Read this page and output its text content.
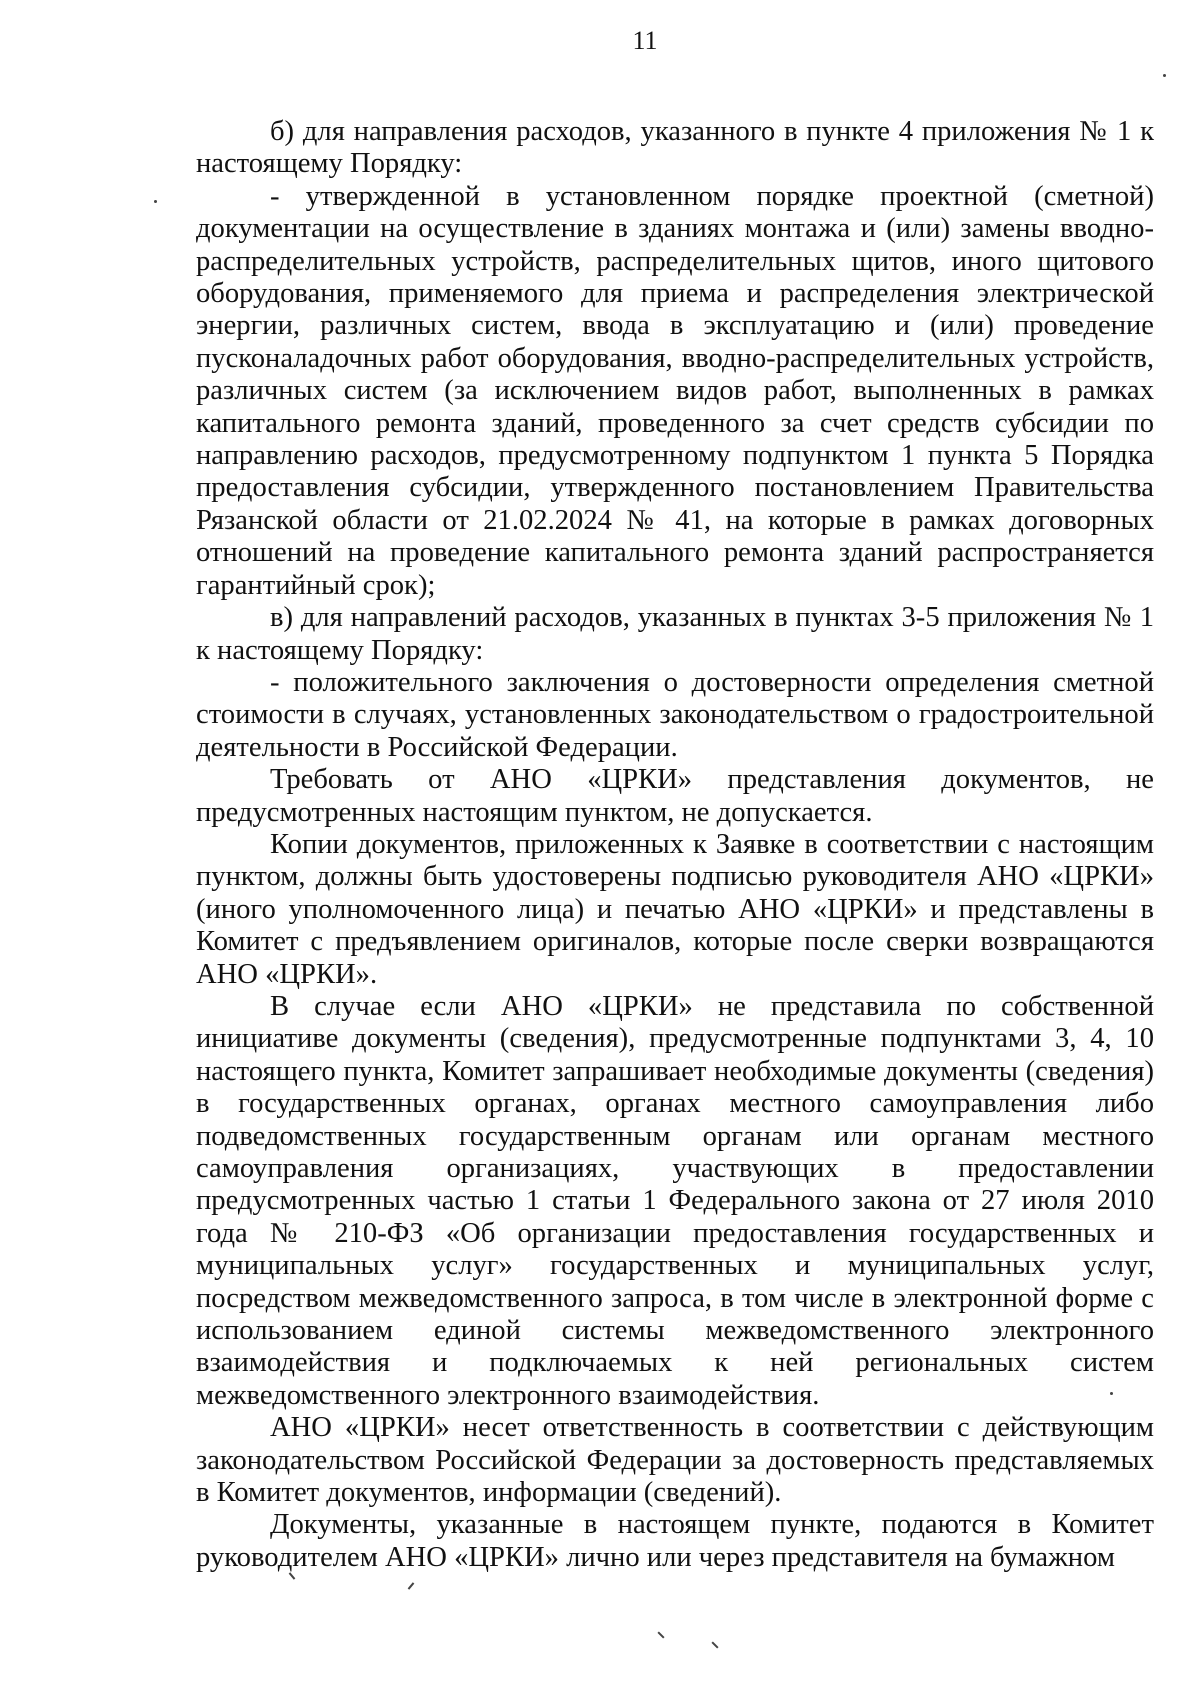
11

б) для направления расходов, указанного в пункте 4 приложения № 1 к настоящему Порядку:

- утвержденной в установленном порядке проектной (сметной) документации на осуществление в зданиях монтажа и (или) замены вводно-распределительных устройств, распределительных щитов, иного щитового оборудования, применяемого для приема и распределения электрической энергии, различных систем, ввода в эксплуатацию и (или) проведение пусконаладочных работ оборудования, вводно-распределительных устройств, различных систем (за исключением видов работ, выполненных в рамках капитального ремонта зданий, проведенного за счет средств субсидии по направлению расходов, предусмотренному подпунктом 1 пункта 5 Порядка предоставления субсидии, утвержденного постановлением Правительства Рязанской области от 21.02.2024 № 41, на которые в рамках договорных отношений на проведение капитального ремонта зданий распространяется гарантийный срок);

в) для направлений расходов, указанных в пунктах 3-5 приложения № 1 к настоящему Порядку:

- положительного заключения о достоверности определения сметной стоимости в случаях, установленных законодательством о градостроительной деятельности в Российской Федерации.

Требовать от АНО «ЦРКИ» представления документов, не предусмотренных настоящим пунктом, не допускается.

Копии документов, приложенных к Заявке в соответствии с настоящим пунктом, должны быть удостоверены подписью руководителя АНО «ЦРКИ» (иного уполномоченного лица) и печатью АНО «ЦРКИ» и представлены в Комитет с предъявлением оригиналов, которые после сверки возвращаются АНО «ЦРКИ».

В случае если АНО «ЦРКИ» не представила по собственной инициативе документы (сведения), предусмотренные подпунктами 3, 4, 10 настоящего пункта, Комитет запрашивает необходимые документы (сведения) в государственных органах, органах местного самоуправления либо подведомственных государственным органам или органам местного самоуправления организациях, участвующих в предоставлении предусмотренных частью 1 статьи 1 Федерального закона от 27 июля 2010 года № 210-ФЗ «Об организации предоставления государственных и муниципальных услуг» государственных и муниципальных услуг, посредством межведомственного запроса, в том числе в электронной форме с использованием единой системы межведомственного электронного взаимодействия и подключаемых к ней региональных систем межведомственного электронного взаимодействия.

АНО «ЦРКИ» несет ответственность в соответствии с действующим законодательством Российской Федерации за достоверность представляемых в Комитет документов, информации (сведений).

Документы, указанные в настоящем пункте, подаются в Комитет руководителем АНО «ЦРКИ» лично или через представителя на бумажном
